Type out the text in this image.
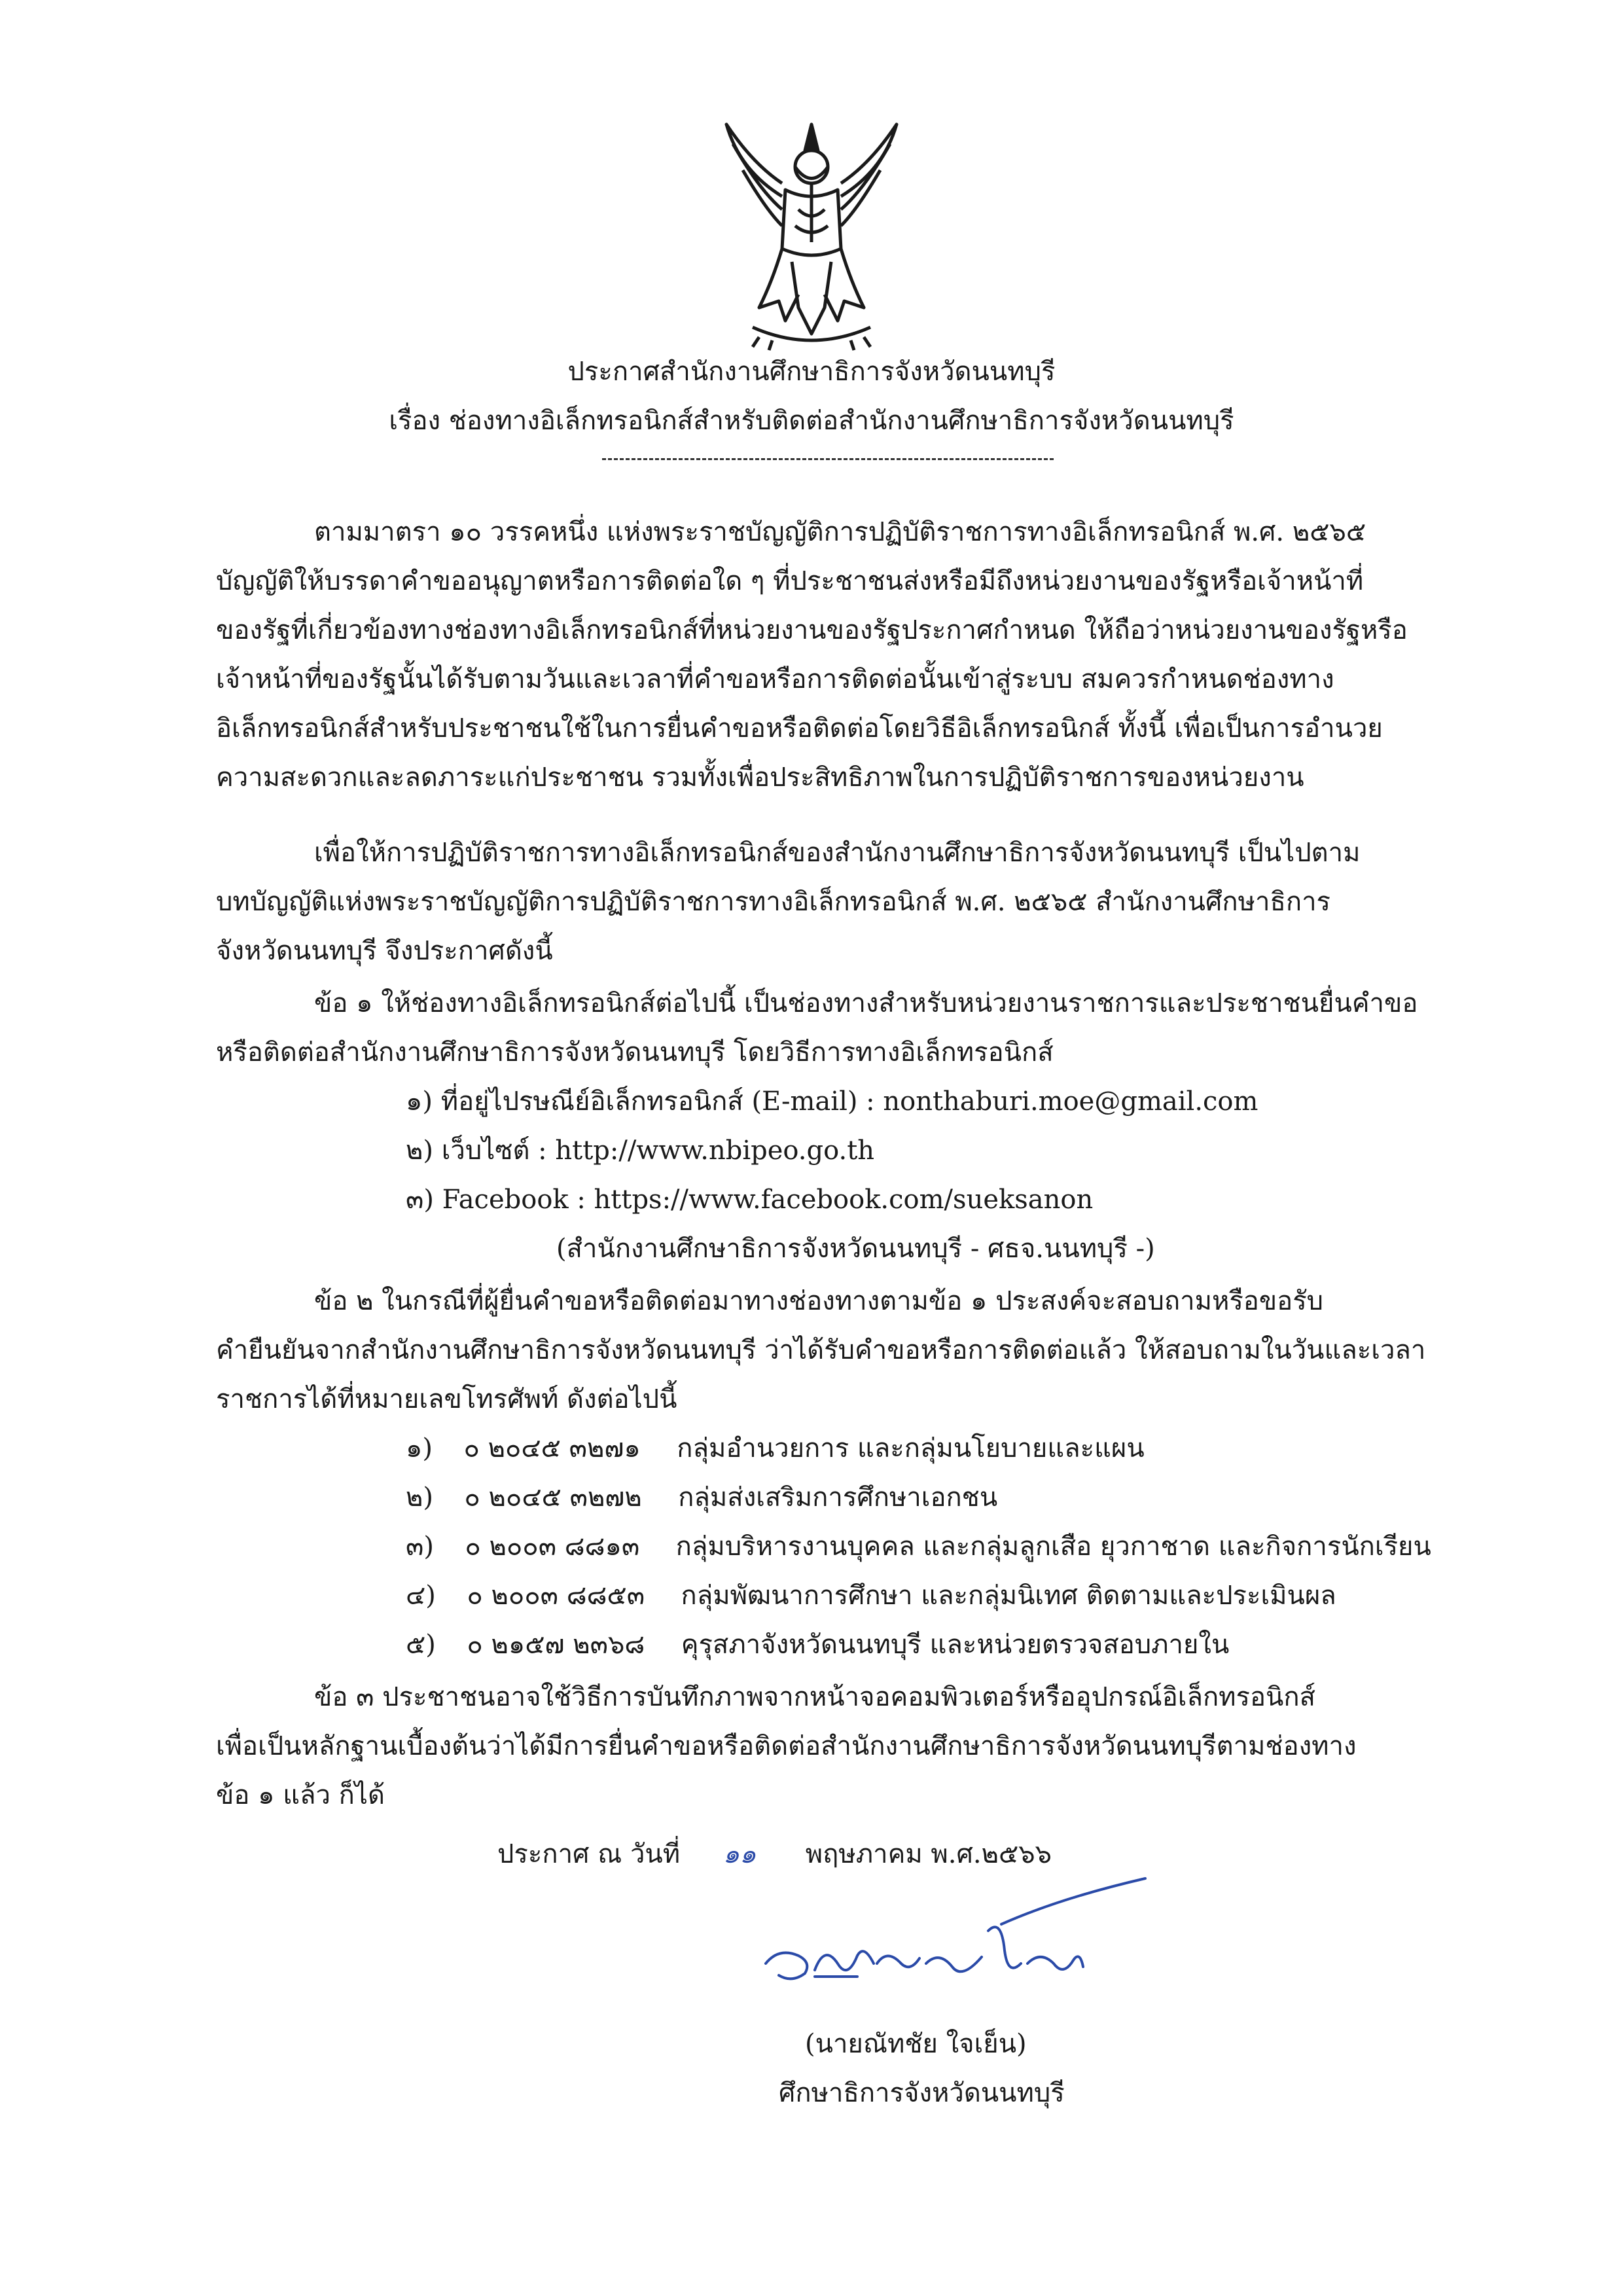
ประกาศสำนักงานศึกษาธิการจังหวัดนนทบุรี
เรื่อง ช่องทางอิเล็กทรอนิกส์สำหรับติดต่อสำนักงานศึกษาธิการจังหวัดนนทบุรี
ตามมาตรา ๑๐ วรรคหนึ่ง แห่งพระราชบัญญัติการปฏิบัติราชการทางอิเล็กทรอนิกส์ พ.ศ. ๒๕๖๕
บัญญัติให้บรรดาคำขออนุญาตหรือการติดต่อใด ๆ ที่ประชาชนส่งหรือมีถึงหน่วยงานของรัฐหรือเจ้าหน้าที่
ของรัฐที่เกี่ยวข้องทางช่องทางอิเล็กทรอนิกส์ที่หน่วยงานของรัฐประกาศกำหนด ให้ถือว่าหน่วยงานของรัฐหรือ
เจ้าหน้าที่ของรัฐนั้นได้รับตามวันและเวลาที่คำขอหรือการติดต่อนั้นเข้าสู่ระบบ สมควรกำหนดช่องทาง
อิเล็กทรอนิกส์สำหรับประชาชนใช้ในการยื่นคำขอหรือติดต่อโดยวิธีอิเล็กทรอนิกส์ ทั้งนี้ เพื่อเป็นการอำนวย
ความสะดวกและลดภาระแก่ประชาชน รวมทั้งเพื่อประสิทธิภาพในการปฏิบัติราชการของหน่วยงาน
เพื่อให้การปฏิบัติราชการทางอิเล็กทรอนิกส์ของสำนักงานศึกษาธิการจังหวัดนนทบุรี เป็นไปตาม
บทบัญญัติแห่งพระราชบัญญัติการปฏิบัติราชการทางอิเล็กทรอนิกส์ พ.ศ. ๒๕๖๕ สำนักงานศึกษาธิการ
จังหวัดนนทบุรี จึงประกาศดังนี้
ข้อ ๑ ให้ช่องทางอิเล็กทรอนิกส์ต่อไปนี้ เป็นช่องทางสำหรับหน่วยงานราชการและประชาชนยื่นคำขอ
หรือติดต่อสำนักงานศึกษาธิการจังหวัดนนทบุรี โดยวิธีการทางอิเล็กทรอนิกส์
๑) ที่อยู่ไปรษณีย์อิเล็กทรอนิกส์ (E-mail) : nonthaburi.moe@gmail.com
๒) เว็บไซต์ : http://www.nbipeo.go.th
๓) Facebook : https://www.facebook.com/sueksanon
(สำนักงานศึกษาธิการจังหวัดนนทบุรี - ศธจ.นนทบุรี -)
ข้อ ๒ ในกรณีที่ผู้ยื่นคำขอหรือติดต่อมาทางช่องทางตามข้อ ๑ ประสงค์จะสอบถามหรือขอรับ
คำยืนยันจากสำนักงานศึกษาธิการจังหวัดนนทบุรี ว่าได้รับคำขอหรือการติดต่อแล้ว ให้สอบถามในวันและเวลา
ราชการได้ที่หมายเลขโทรศัพท์ ดังต่อไปนี้
๑) ๐ ๒๐๔๕ ๓๒๗๑ กลุ่มอำนวยการ และกลุ่มนโยบายและแผน
๒) ๐ ๒๐๔๕ ๓๒๗๒ กลุ่มส่งเสริมการศึกษาเอกชน
๓) ๐ ๒๐๐๓ ๘๘๑๓ กลุ่มบริหารงานบุคคล และกลุ่มลูกเสือ ยุวกาชาด และกิจการนักเรียน
๔) ๐ ๒๐๐๓ ๘๘๕๓ กลุ่มพัฒนาการศึกษา และกลุ่มนิเทศ ติดตามและประเมินผล
๕) ๐ ๒๑๕๗ ๒๓๖๘ คุรุสภาจังหวัดนนทบุรี และหน่วยตรวจสอบภายใน
ข้อ ๓ ประชาชนอาจใช้วิธีการบันทึกภาพจากหน้าจอคอมพิวเตอร์หรืออุปกรณ์อิเล็กทรอนิกส์
เพื่อเป็นหลักฐานเบื้องต้นว่าได้มีการยื่นคำขอหรือติดต่อสำนักงานศึกษาธิการจังหวัดนนทบุรีตามช่องทาง
ข้อ ๑ แล้ว ก็ได้
ประกาศ ณ วันที่ ๑๑ พฤษภาคม พ.ศ.๒๕๖๖
(นายณัทชัย ใจเย็น)
ศึกษาธิการจังหวัดนนทบุรี
